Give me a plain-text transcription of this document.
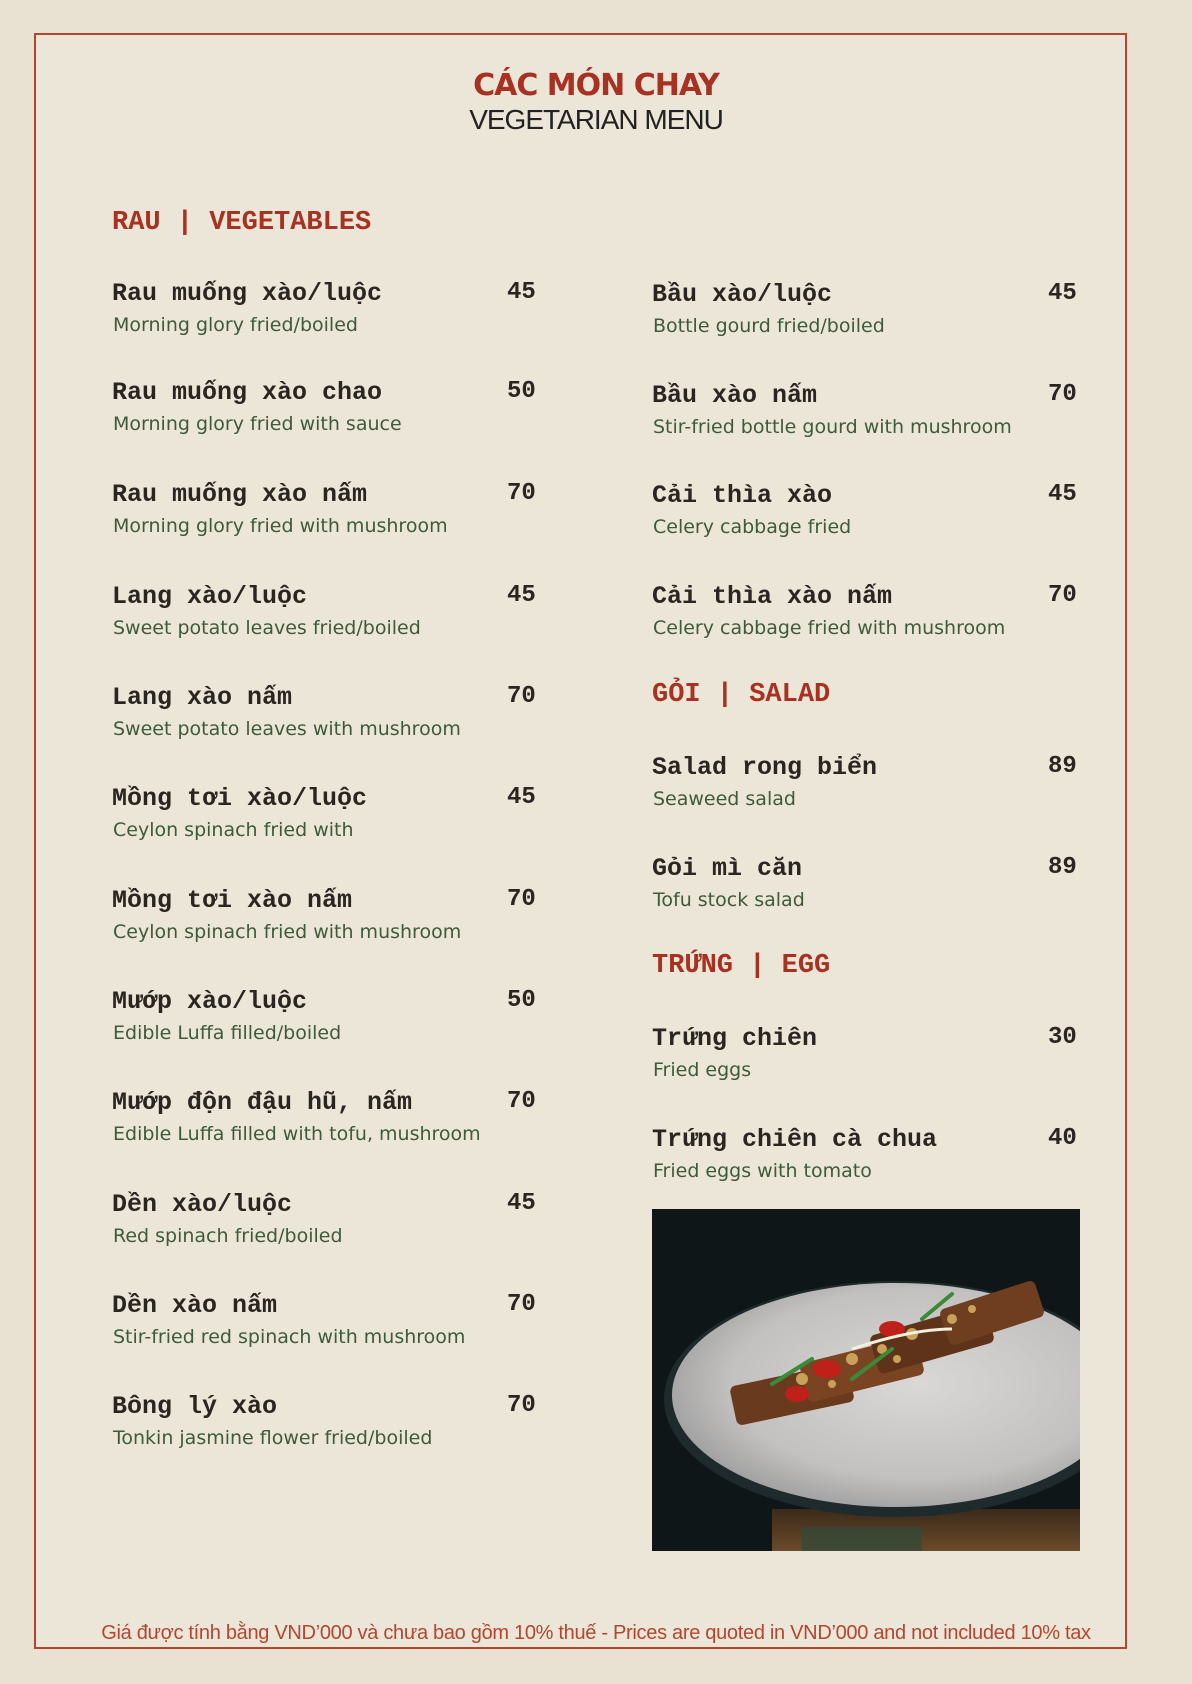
CÁC MÓN CHAY
VEGETARIAN MENU
RAU | VEGETABLES
Rau muống xào/luộc	45
Morning glory fried/boiled
Rau muống xào chao	50
Morning glory fried with sauce
Rau muống xào nấm	70
Morning glory fried with mushroom
Lang xào/luộc	45
Sweet potato leaves fried/boiled
Lang xào nấm	70
Sweet potato leaves with mushroom
Mồng tơi xào/luộc	45
Ceylon spinach fried with
Mồng tơi xào nấm	70
Ceylon spinach fried with mushroom
Mướp xào/luộc	50
Edible Luffa filled/boiled
Mướp độn đậu hũ, nấm	70
Edible Luffa filled with tofu, mushroom
Dền xào/luộc	45
Red spinach fried/boiled
Dền xào nấm	70
Stir-fried red spinach with mushroom
Bông lý xào	70
Tonkin jasmine flower fried/boiled
Bầu xào/luộc	45
Bottle gourd fried/boiled
Bầu xào nấm	70
Stir-fried bottle gourd with mushroom
Cải thìa xào	45
Celery cabbage fried
Cải thìa xào nấm	70
Celery cabbage fried with mushroom
GỎI | SALAD
Salad rong biển	89
Seaweed salad
Gỏi mì căn	89
Tofu stock salad
TRỨNG | EGG
Trứng chiên	30
Fried eggs
Trứng chiên cà chua	40
Fried eggs with tomato
Giá được tính bằng VND’000 và chưa bao gồm 10% thuế - Prices are quoted in VND’000 and not included 10% tax
